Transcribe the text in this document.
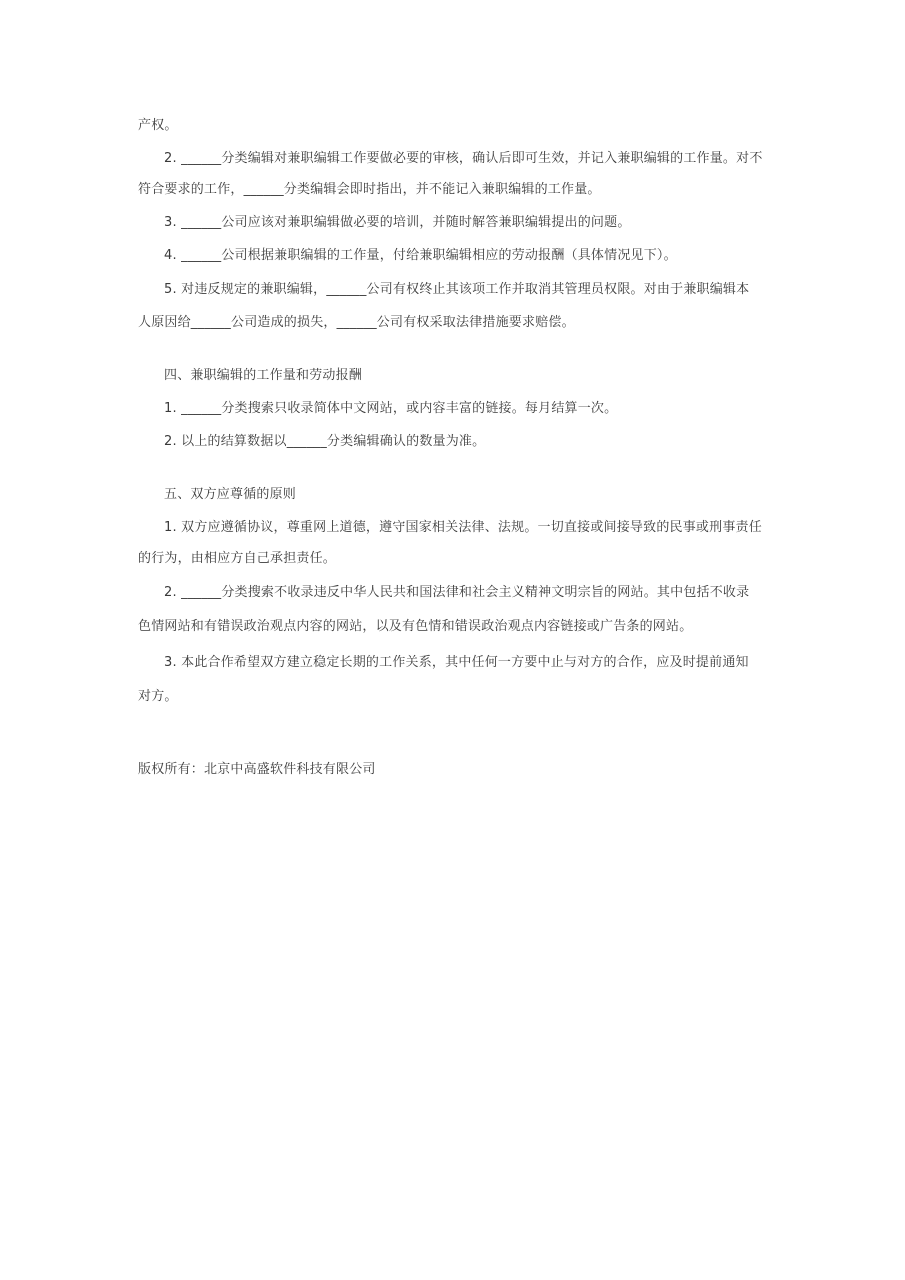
产权。
2. ______分类编辑对兼职编辑工作要做必要的审核，确认后即可生效，并记入兼职编辑的工作量。对不
符合要求的工作，______分类编辑会即时指出，并不能记入兼职编辑的工作量。
3. ______公司应该对兼职编辑做必要的培训，并随时解答兼职编辑提出的问题。
4. ______公司根据兼职编辑的工作量，付给兼职编辑相应的劳动报酬（具体情况见下）。
5. 对违反规定的兼职编辑，______公司有权终止其该项工作并取消其管理员权限。对由于兼职编辑本
人原因给______公司造成的损失，______公司有权采取法律措施要求赔偿。
四、兼职编辑的工作量和劳动报酬
1. ______分类搜索只收录简体中文网站，或内容丰富的链接。每月结算一次。
2. 以上的结算数据以______分类编辑确认的数量为准。
五、双方应尊循的原则
1. 双方应遵循协议，尊重网上道德，遵守国家相关法律、法规。一切直接或间接导致的民事或刑事责任
的行为，由相应方自己承担责任。
2. ______分类搜索不收录违反中华人民共和国法律和社会主义精神文明宗旨的网站。其中包括不收录
色情网站和有错误政治观点内容的网站，以及有色情和错误政治观点内容链接或广告条的网站。
3. 本此合作希望双方建立稳定长期的工作关系，其中任何一方要中止与对方的合作，应及时提前通知
对方。
版权所有：北京中高盛软件科技有限公司
